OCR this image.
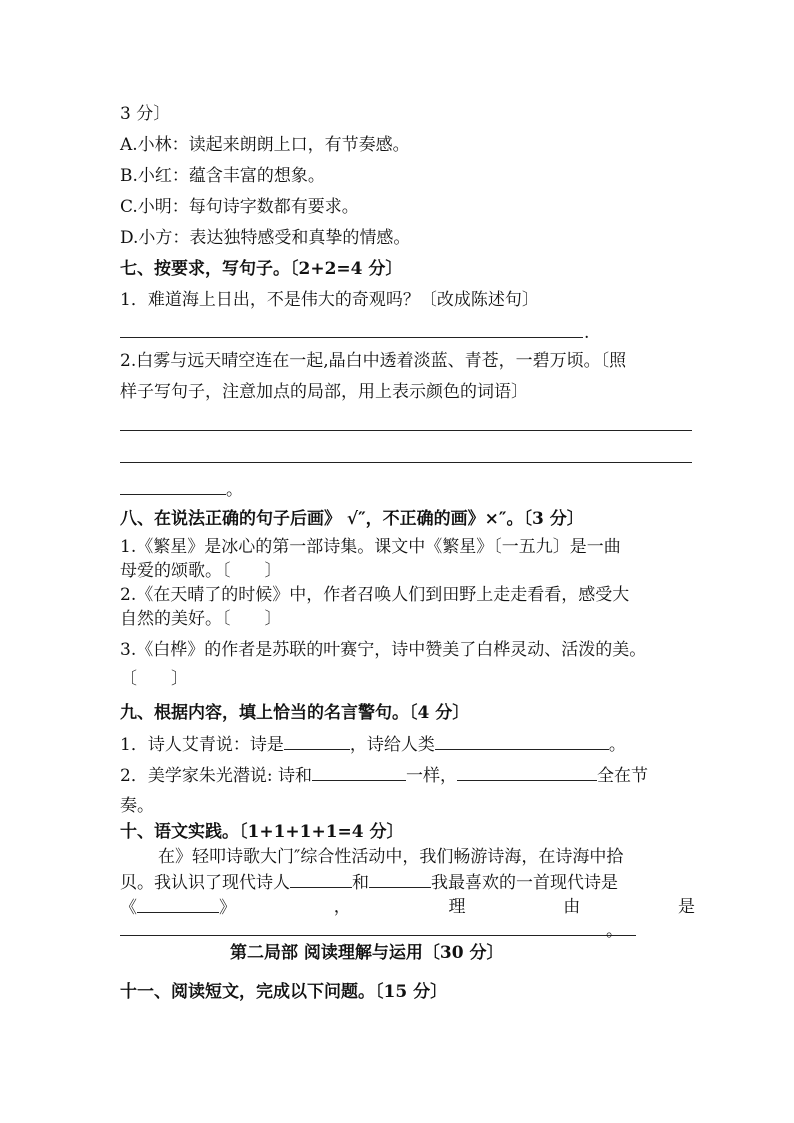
3 分〕
A.小林：读起来朗朗上口，有节奏感。
B.小红：蕴含丰富的想象。
C.小明：每句诗字数都有要求。
D.小方：表达独特感受和真挚的情感。
七、按要求，写句子。〔2+2=4 分〕
1．难道海上日出，不是伟大的奇观吗？〔改成陈述句〕
.
2.白雾与远天晴空连在一起,晶白中透着淡蓝、青苍，一碧万顷。〔照
样子写句子，注意加点的局部，用上表示颜色的词语〕
。
八、在说法正确的句子后画》 √″，不正确的画》×″。〔3 分〕
1.《繁星》是冰心的第一部诗集。课文中《繁星》〔一五九〕是一曲
母爱的颂歌。〔　　〕
2.《在天晴了的时候》中，作者召唤人们到田野上走走看看，感受大
自然的美好。〔　　〕
3.《白桦》的作者是苏联的叶赛宁，诗中赞美了白桦灵动、活泼的美。
〔　　〕
九、根据内容，填上恰当的名言警句。〔4 分〕
1．诗人艾青说：诗是	，诗给人类	。
2．美学家朱光潜说: 诗和	一样，	全在节
奏。
十、语文实践。〔1+1+1+1=4 分〕
在》轻叩诗歌大门″综合性活动中，我们畅游诗海，在诗海中拾
贝。我认识了现代诗人	和	我最喜欢的一首现代诗是
《	》	，	理	由	是
。
第二局部 阅读理解与运用〔30 分〕
十一、阅读短文，完成以下问题。〔15 分〕
